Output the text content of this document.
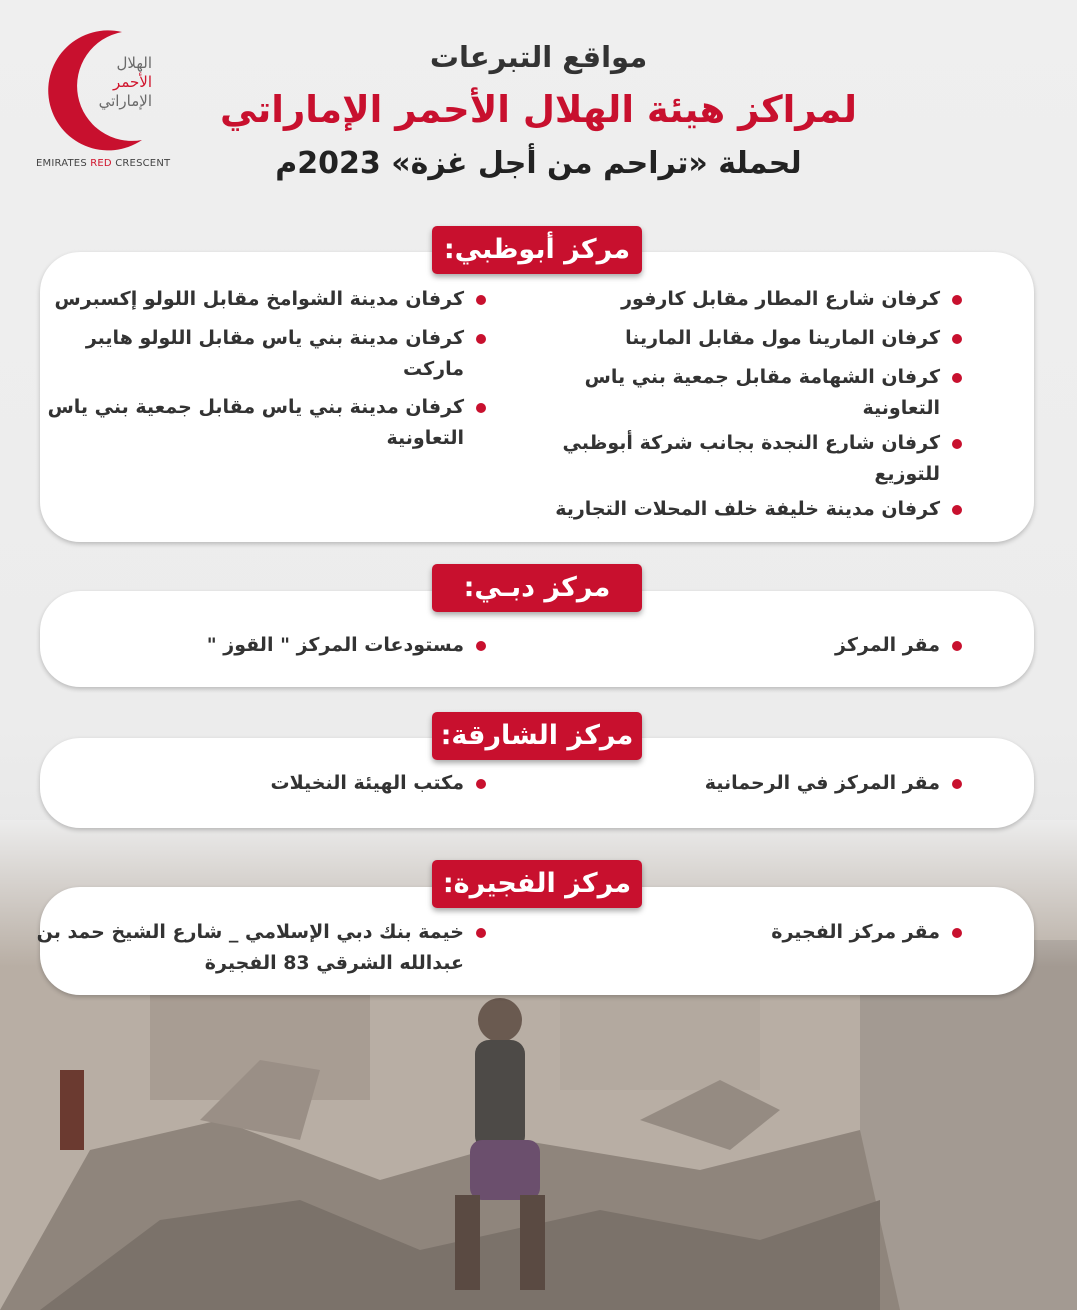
الهلال
الأحمر
الإماراتي
EMIRATES RED CRESCENT
مواقع التبرعات
لمراكز هيئة الهلال الأحمر الإماراتي
لحملة «تراحم من أجل غزة» 2023م
كرفان شارع المطار مقابل كارفور
كرفان المارينا مول مقابل المارينا
كرفان الشهامة مقابل جمعية بني ياس التعاونية
كرفان شارع النجدة بجانب شركة أبوظبي للتوزيع
كرفان مدينة خليفة خلف المحلات التجارية
كرفان مدينة الشوامخ مقابل اللولو إكسبرس
كرفان مدينة بني ياس مقابل اللولو هايبر ماركت
كرفان مدينة بني ياس مقابل جمعية بني ياس التعاونية
مركز أبوظبي:
مقر المركز
مستودعات المركز " القوز "
مركز دبـي:
مقر المركز في الرحمانية
مكتب الهيئة النخيلات
مركز الشارقة:
مقر مركز الفجيرة
خيمة بنك دبي الإسلامي _ شارع الشيخ حمد بن عبدالله الشرقي 83 الفجيرة
مركز الفجيرة:
